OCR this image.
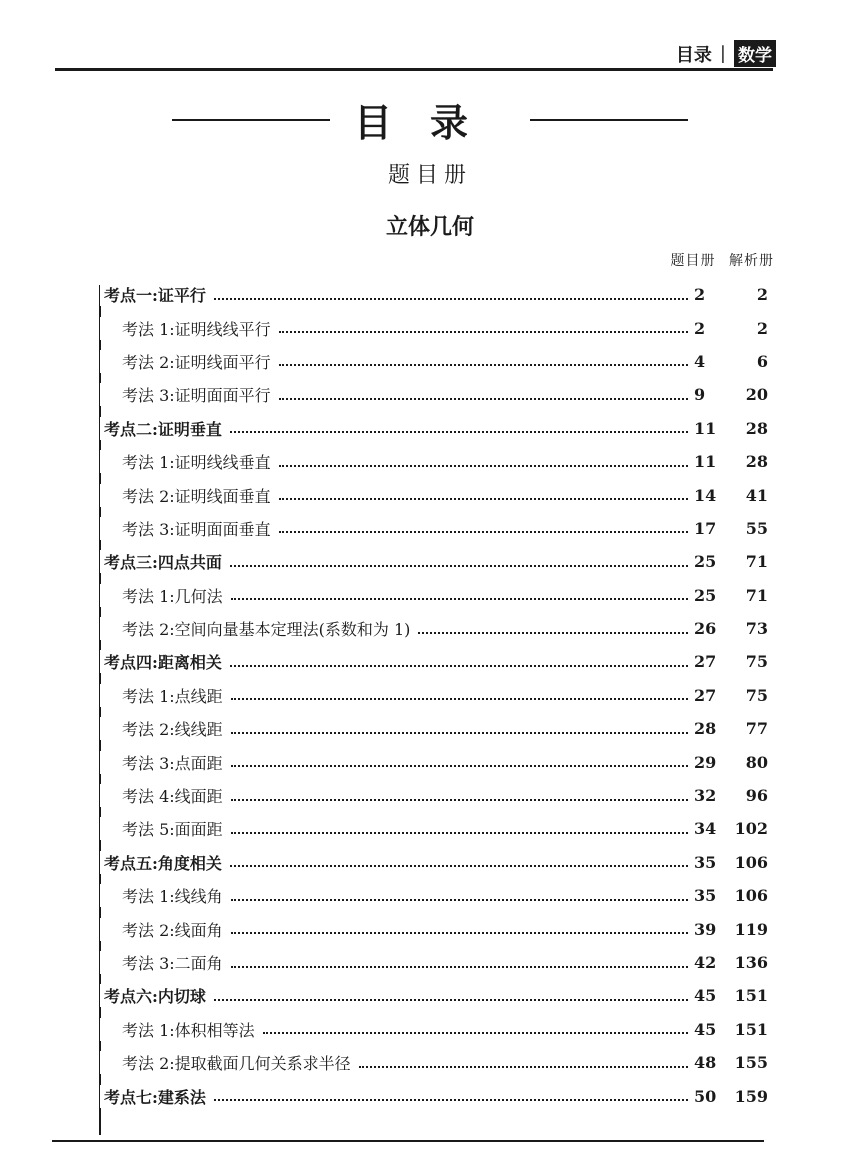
目录 | 数学
目录
题目册
立体几何
题目册 解析册
考点一:证平行	2	2
考法 1:证明线线平行	2	2
考法 2:证明线面平行	4	6
考法 3:证明面面平行	9	20
考点二:证明垂直	11	28
考法 1:证明线线垂直	11	28
考法 2:证明线面垂直	14	41
考法 3:证明面面垂直	17	55
考点三:四点共面	25	71
考法 1:几何法	25	71
考法 2:空间向量基本定理法(系数和为 1)	26	73
考点四:距离相关	27	75
考法 1:点线距	27	75
考法 2:线线距	28	77
考法 3:点面距	29	80
考法 4:线面距	32	96
考法 5:面面距	34	102
考点五:角度相关	35	106
考法 1:线线角	35	106
考法 2:线面角	39	119
考法 3:二面角	42	136
考点六:内切球	45	151
考法 1:体积相等法	45	151
考法 2:提取截面几何关系求半径	48	155
考点七:建系法	50	159
